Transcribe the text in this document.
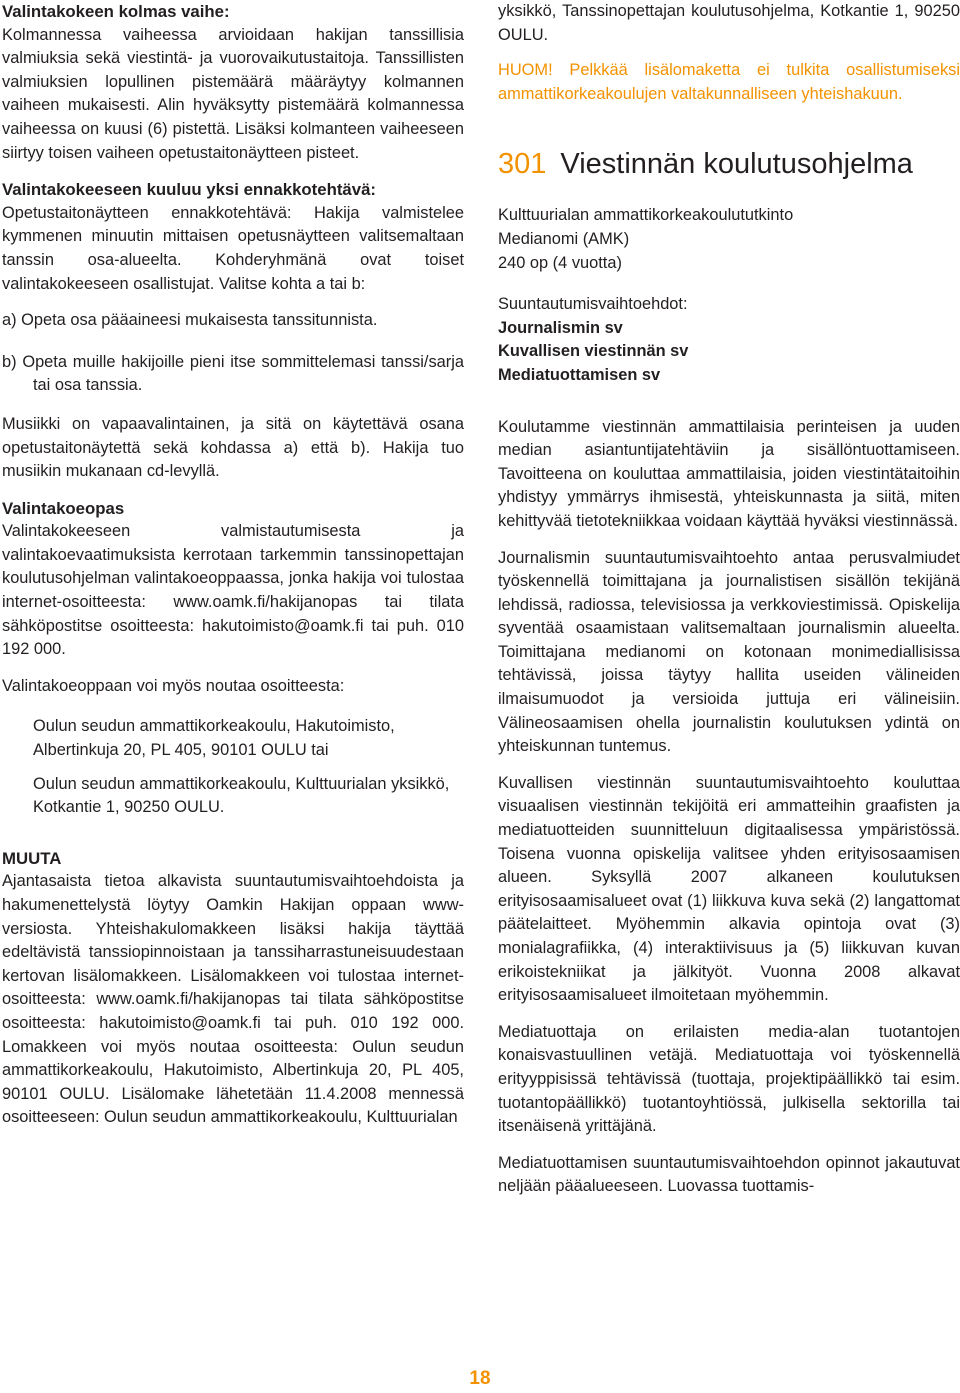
Valintakokeen kolmas vaihe:

Kolmannessa vaiheessa arvioidaan hakijan tanssillisia valmiuksia sekä viestintä- ja vuorovaikutustaitoja. Tanssillisten valmiuksien lopullinen pistemäärä määräytyy kolmannen vaiheen mukaisesti. Alin hyväksytty pistemäärä kolmannessa vaiheessa on kuusi (6) pistettä. Lisäksi kolmanteen vaiheeseen siirtyy toisen vaiheen opetustaitonäytteen pisteet.

Valintakokeeseen kuuluu yksi ennakkotehtävä:

Opetustaitonäytteen ennakkotehtävä: Hakija valmistelee kymmenen minuutin mittaisen opetusnäytteen valitsemaltaan tanssin osa-alueelta. Kohderyhmänä ovat toiset valintakokeeseen osallistujat. Valitse kohta a tai b:

a) Opeta osa pääaineesi mukaisesta tanssitunnista.

b) Opeta muille hakijoille pieni itse sommittelemasi tanssi/sarja tai osa tanssia.

Musiikki on vapaavalintainen, ja sitä on käytettävä osana opetustaitonäytettä sekä kohdassa a) että b). Hakija tuo musiikin mukanaan cd-levyllä.

Valintakoeopas

Valintakokeeseen valmistautumisesta ja valintakoevaatimuksista kerrotaan tarkemmin tanssinopettajan koulutusohjelman valintakoeoppaassa, jonka hakija voi tulostaa internet-osoitteesta: www.oamk.fi/hakijanopas tai tilata sähköpostitse osoitteesta: hakutoimisto@oamk.fi tai puh. 010 192 000.

Valintakoeoppaan voi myös noutaa osoitteesta:

Oulun seudun ammattikorkeakoulu, Hakutoimisto, Albertinkuja 20, PL 405, 90101 OULU tai

Oulun seudun ammattikorkeakoulu, Kulttuurialan yksikkö, Kotkantie 1, 90250 OULU.

MUUTA

Ajantasaista tietoa alkavista suuntautumisvaihtoehdoista ja hakumenettelystä löytyy Oamkin Hakijan oppaan www-versiosta. Yhteishakulomakkeen lisäksi hakija täyttää edeltävistä tanssiopinnoistaan ja tanssiharrastuneisuudestaan kertovan lisälomakkeen. Lisälomakkeen voi tulostaa internet-osoitteesta: www.oamk.fi/hakijanopas tai tilata sähköpostitse osoitteesta: hakutoimisto@oamk.fi tai puh. 010 192 000. Lomakkeen voi myös noutaa osoitteesta: Oulun seudun ammattikorkeakoulu, Hakutoimisto, Albertinkuja 20, PL 405, 90101 OULU. Lisälomake lähetetään 11.4.2008 mennessä osoitteeseen: Oulun seudun ammattikorkeakoulu, Kulttuurialan

yksikkö, Tanssinopettajan koulutusohjelma, Kotkantie 1, 90250 OULU.

HUOM! Pelkkää lisälomaketta ei tulkita osallistumiseksi ammattikorkeakoulujen valtakunnalliseen yhteishakuun.

301 Viestinnän koulutusohjelma

Kulttuurialan ammattikorkeakoulututkinto

Medianomi (AMK)

240 op (4 vuotta)

Suuntautumisvaihtoehdot:

Journalismin sv

Kuvallisen viestinnän sv

Mediatuottamisen sv

Koulutamme viestinnän ammattilaisia perinteisen ja uuden median asiantuntijatehtäviin ja sisällöntuottamiseen. Tavoitteena on kouluttaa ammattilaisia, joiden viestintätaitoihin yhdistyy ymmärrys ihmisestä, yhteiskunnasta ja siitä, miten kehittyvää tietotekniikkaa voidaan käyttää hyväksi viestinnässä.

Journalismin suuntautumisvaihtoehto antaa perusvalmiudet työskennellä toimittajana ja journalistisen sisällön tekijänä lehdissä, radiossa, televisiossa ja verkkoviestimissä. Opiskelija syventää osaamistaan valitsemaltaan journalismin alueelta. Toimittajana medianomi on kotonaan monimediallisissa tehtävissä, joissa täytyy hallita useiden välineiden ilmaisumuodot ja versioida juttuja eri välineisiin. Välineosaamisen ohella journalistin koulutuksen ydintä on yhteiskunnan tuntemus.

Kuvallisen viestinnän suuntautumisvaihtoehto kouluttaa visuaalisen viestinnän tekijöitä eri ammatteihin graafisten ja mediatuotteiden suunnitteluun digitaalisessa ympäristössä. Toisena vuonna opiskelija valitsee yhden erityisosaamisen alueen. Syksyllä 2007 alkaneen koulutuksen erityisosaamisalueet ovat (1) liikkuva kuva sekä (2) langattomat päätelaitteet. Myöhemmin alkavia opintoja ovat (3) monialagrafiikka, (4) interaktiivisuus ja (5) liikkuvan kuvan erikoistekniikat ja jälkityöt. Vuonna 2008 alkavat erityisosaamisalueet ilmoitetaan myöhemmin.

Mediatuottaja on erilaisten media-alan tuotantojen konaisvastuullinen vetäjä. Mediatuottaja voi työskennellä erityyppisissä tehtävissä (tuottaja, projektipäällikkö tai esim. tuotantopäällikkö) tuotantoyhtiössä, julkisella sektorilla tai itsenäisenä yrittäjänä.

Mediatuottamisen suuntautumisvaihtoehdon opinnot jakautuvat neljään pääalueeseen. Luovassa tuottamis-

18
